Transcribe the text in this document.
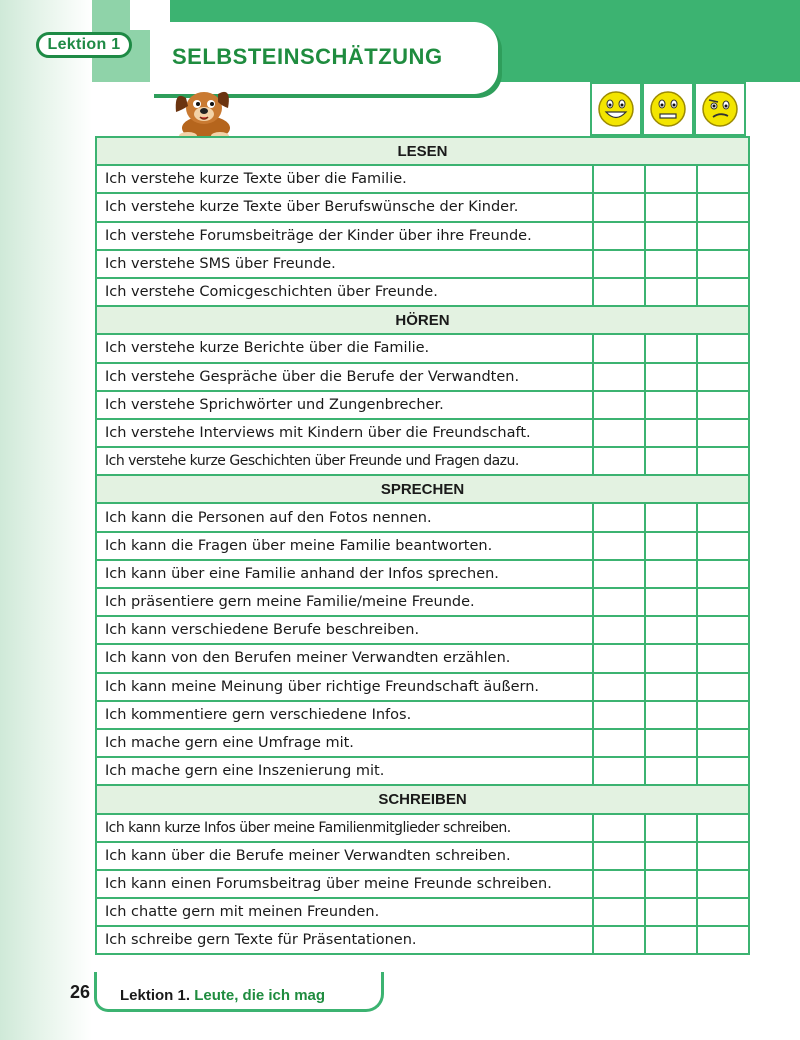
Lektion 1	SELBSTEINSCHÄTZUNG
LESEN			
Ich verstehe kurze Texte über die Familie.			
Ich verstehe kurze Texte über Berufswünsche der Kinder.			
Ich verstehe Forumsbeiträge der Kinder über ihre Freunde.			
Ich verstehe SMS über Freunde.			
Ich verstehe Comicgeschichten über Freunde.			
HÖREN			
Ich verstehe kurze Berichte über die Familie.			
Ich verstehe Gespräche über die Berufe der Verwandten.			
Ich verstehe Sprichwörter und Zungenbrecher.			
Ich verstehe Interviews mit Kindern über die Freundschaft.			
Ich verstehe kurze Geschichten über Freunde und Fragen dazu.			
SPRECHEN			
Ich kann die Personen auf den Fotos nennen.			
Ich kann die Fragen über meine Familie beantworten.			
Ich kann über eine Familie anhand der Infos sprechen.			
Ich präsentiere gern meine Familie/meine Freunde.			
Ich kann verschiedene Berufe beschreiben.			
Ich kann von den Berufen meiner Verwandten erzählen.			
Ich kann meine Meinung über richtige Freundschaft äußern.			
Ich kommentiere gern verschiedene Infos.			
Ich mache gern eine Umfrage mit.			
Ich mache gern eine Inszenierung mit.			
SCHREIBEN			
Ich kann kurze Infos über meine Familienmitglieder schreiben.			
Ich kann über die Berufe meiner Verwandten schreiben.			
Ich kann einen Forumsbeitrag über meine Freunde schreiben.			
Ich chatte gern mit meinen Freunden.			
Ich schreibe gern Texte für Präsentationen.			
26 Lektion 1. Leute, die ich mag
